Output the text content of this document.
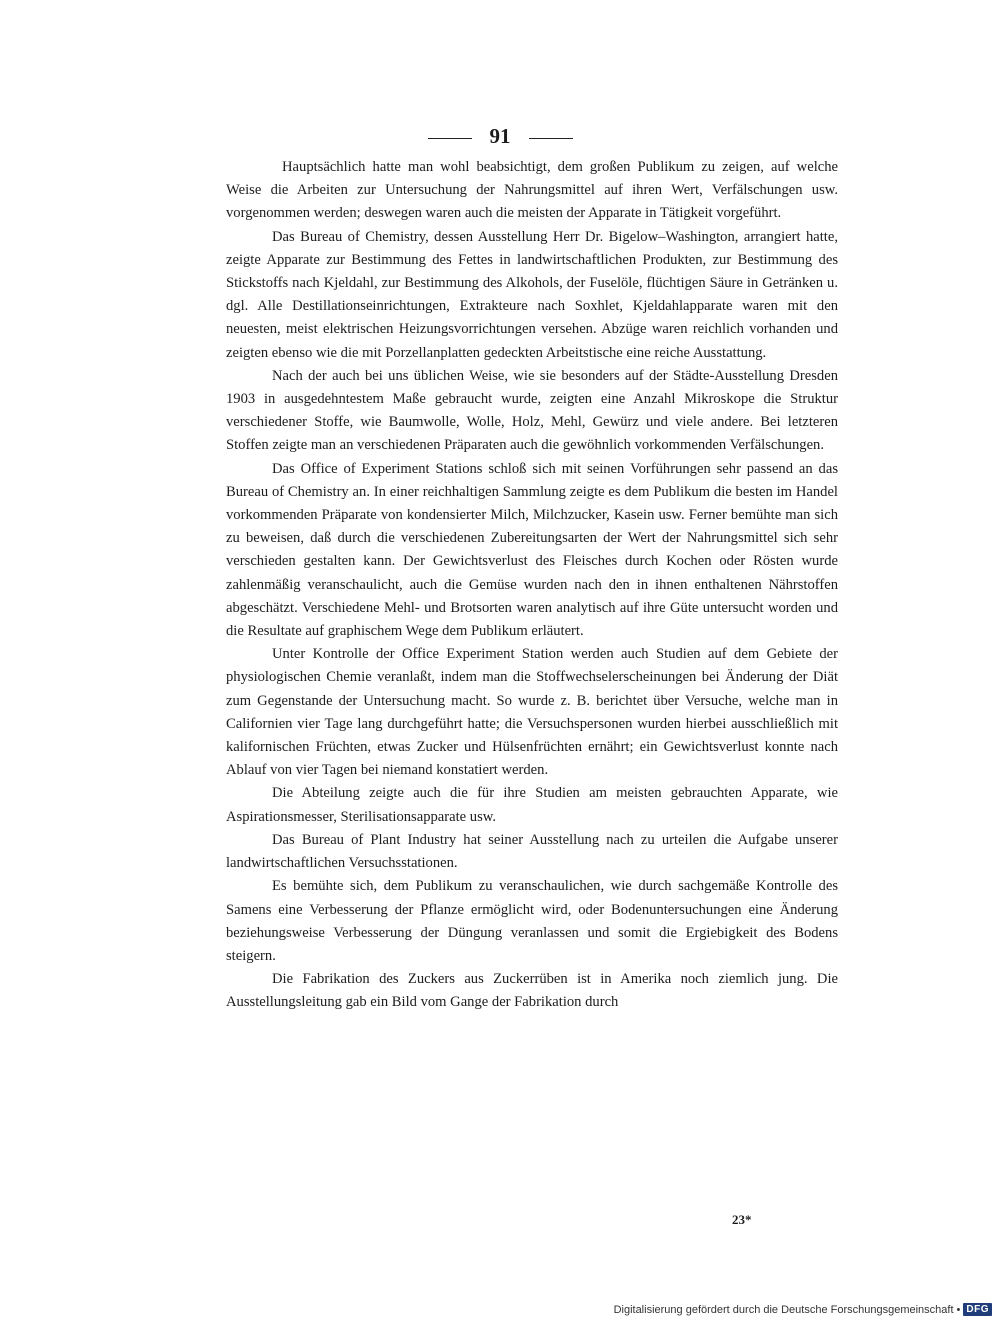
91

Hauptsächlich hatte man wohl beabsichtigt, dem großen Publikum zu zeigen, auf welche Weise die Arbeiten zur Untersuchung der Nahrungsmittel auf ihren Wert, Verfälschungen usw. vorgenommen werden; deswegen waren auch die meisten der Apparate in Tätigkeit vorgeführt.

Das Bureau of Chemistry, dessen Ausstellung Herr Dr. Bigelow–Washington, arrangiert hatte, zeigte Apparate zur Bestimmung des Fettes in landwirtschaftlichen Produkten, zur Bestimmung des Stickstoffs nach Kjeldahl, zur Bestimmung des Alkohols, der Fuselöle, flüchtigen Säure in Getränken u. dgl. Alle Destillationseinrichtungen, Extrakteure nach Soxhlet, Kjeldahlapparate waren mit den neuesten, meist elektrischen Heizungsvorrichtungen versehen. Abzüge waren reichlich vorhanden und zeigten ebenso wie die mit Porzellanplatten gedeckten Arbeitstische eine reiche Ausstattung.

Nach der auch bei uns üblichen Weise, wie sie besonders auf der Städte-Ausstellung Dresden 1903 in ausgedehntestem Maße gebraucht wurde, zeigten eine Anzahl Mikroskope die Struktur verschiedener Stoffe, wie Baumwolle, Wolle, Holz, Mehl, Gewürz und viele andere. Bei letzteren Stoffen zeigte man an verschiedenen Präparaten auch die gewöhnlich vorkommenden Verfälschungen.

Das Office of Experiment Stations schloß sich mit seinen Vorführungen sehr passend an das Bureau of Chemistry an. In einer reichhaltigen Sammlung zeigte es dem Publikum die besten im Handel vorkommenden Präparate von kondensierter Milch, Milchzucker, Kasein usw. Ferner bemühte man sich zu beweisen, daß durch die verschiedenen Zubereitungsarten der Wert der Nahrungsmittel sich sehr verschieden gestalten kann. Der Gewichtsverlust des Fleisches durch Kochen oder Rösten wurde zahlenmäßig veranschaulicht, auch die Gemüse wurden nach den in ihnen enthaltenen Nährstoffen abgeschätzt. Verschiedene Mehl- und Brotsorten waren analytisch auf ihre Güte untersucht worden und die Resultate auf graphischem Wege dem Publikum erläutert.

Unter Kontrolle der Office Experiment Station werden auch Studien auf dem Gebiete der physiologischen Chemie veranlaßt, indem man die Stoffwechselerscheinungen bei Änderung der Diät zum Gegenstande der Untersuchung macht. So wurde z. B. berichtet über Versuche, welche man in Californien vier Tage lang durchgeführt hatte; die Versuchspersonen wurden hierbei ausschließlich mit kalifornischen Früchten, etwas Zucker und Hülsenfrüchten ernährt; ein Gewichtsverlust konnte nach Ablauf von vier Tagen bei niemand konstatiert werden.

Die Abteilung zeigte auch die für ihre Studien am meisten gebrauchten Apparate, wie Aspirationsmesser, Sterilisationsapparate usw.

Das Bureau of Plant Industry hat seiner Ausstellung nach zu urteilen die Aufgabe unserer landwirtschaftlichen Versuchsstationen.

Es bemühte sich, dem Publikum zu veranschaulichen, wie durch sachgemäße Kontrolle des Samens eine Verbesserung der Pflanze ermöglicht wird, oder Bodenuntersuchungen eine Änderung beziehungsweise Verbesserung der Düngung veranlassen und somit die Ergiebigkeit des Bodens steigern.

Die Fabrikation des Zuckers aus Zuckerrüben ist in Amerika noch ziemlich jung. Die Ausstellungsleitung gab ein Bild vom Gange der Fabrikation durch

23*
Digitalisierung gefördert durch die Deutsche Forschungsgemeinschaft • DFG
